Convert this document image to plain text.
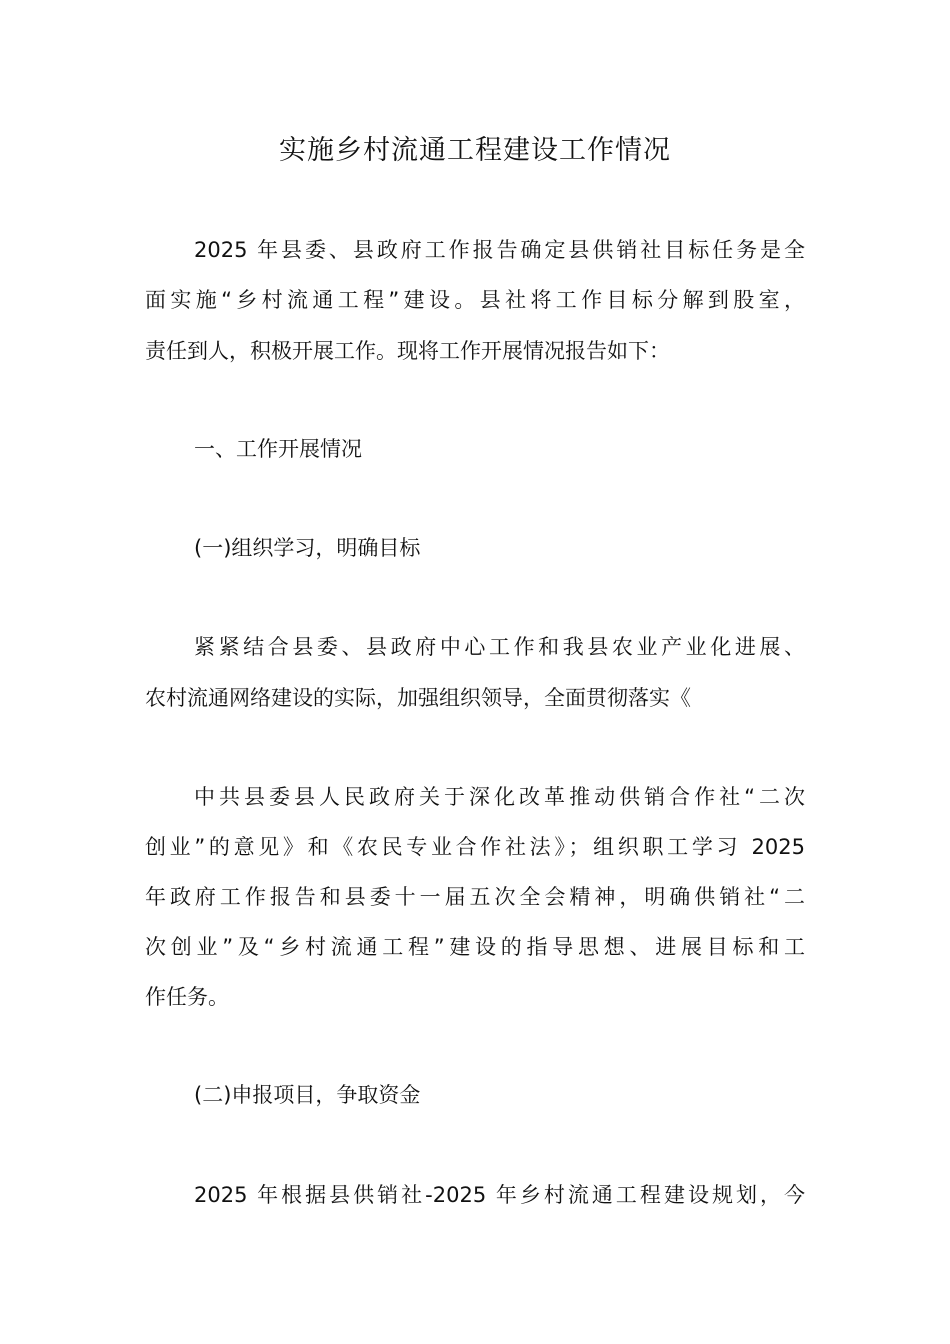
实施乡村流通工程建设工作情况
2025 年县委、县政府工作报告确定县供销社目标任务是全
面实施“乡村流通工程”建设。县社将工作目标分解到股室，
责任到人，积极开展工作。现将工作开展情况报告如下：
一、工作开展情况
(一)组织学习，明确目标
紧紧结合县委、县政府中心工作和我县农业产业化进展、
农村流通网络建设的实际，加强组织领导，全面贯彻落实《
中共县委县人民政府关于深化改革推动供销合作社“二次
创业”的意见》和《农民专业合作社法》；组织职工学习 2025
年政府工作报告和县委十一届五次全会精神，明确供销社“二
次创业”及“乡村流通工程”建设的指导思想、进展目标和工
作任务。
(二)申报项目，争取资金
2025 年根据县供销社-2025 年乡村流通工程建设规划，今
